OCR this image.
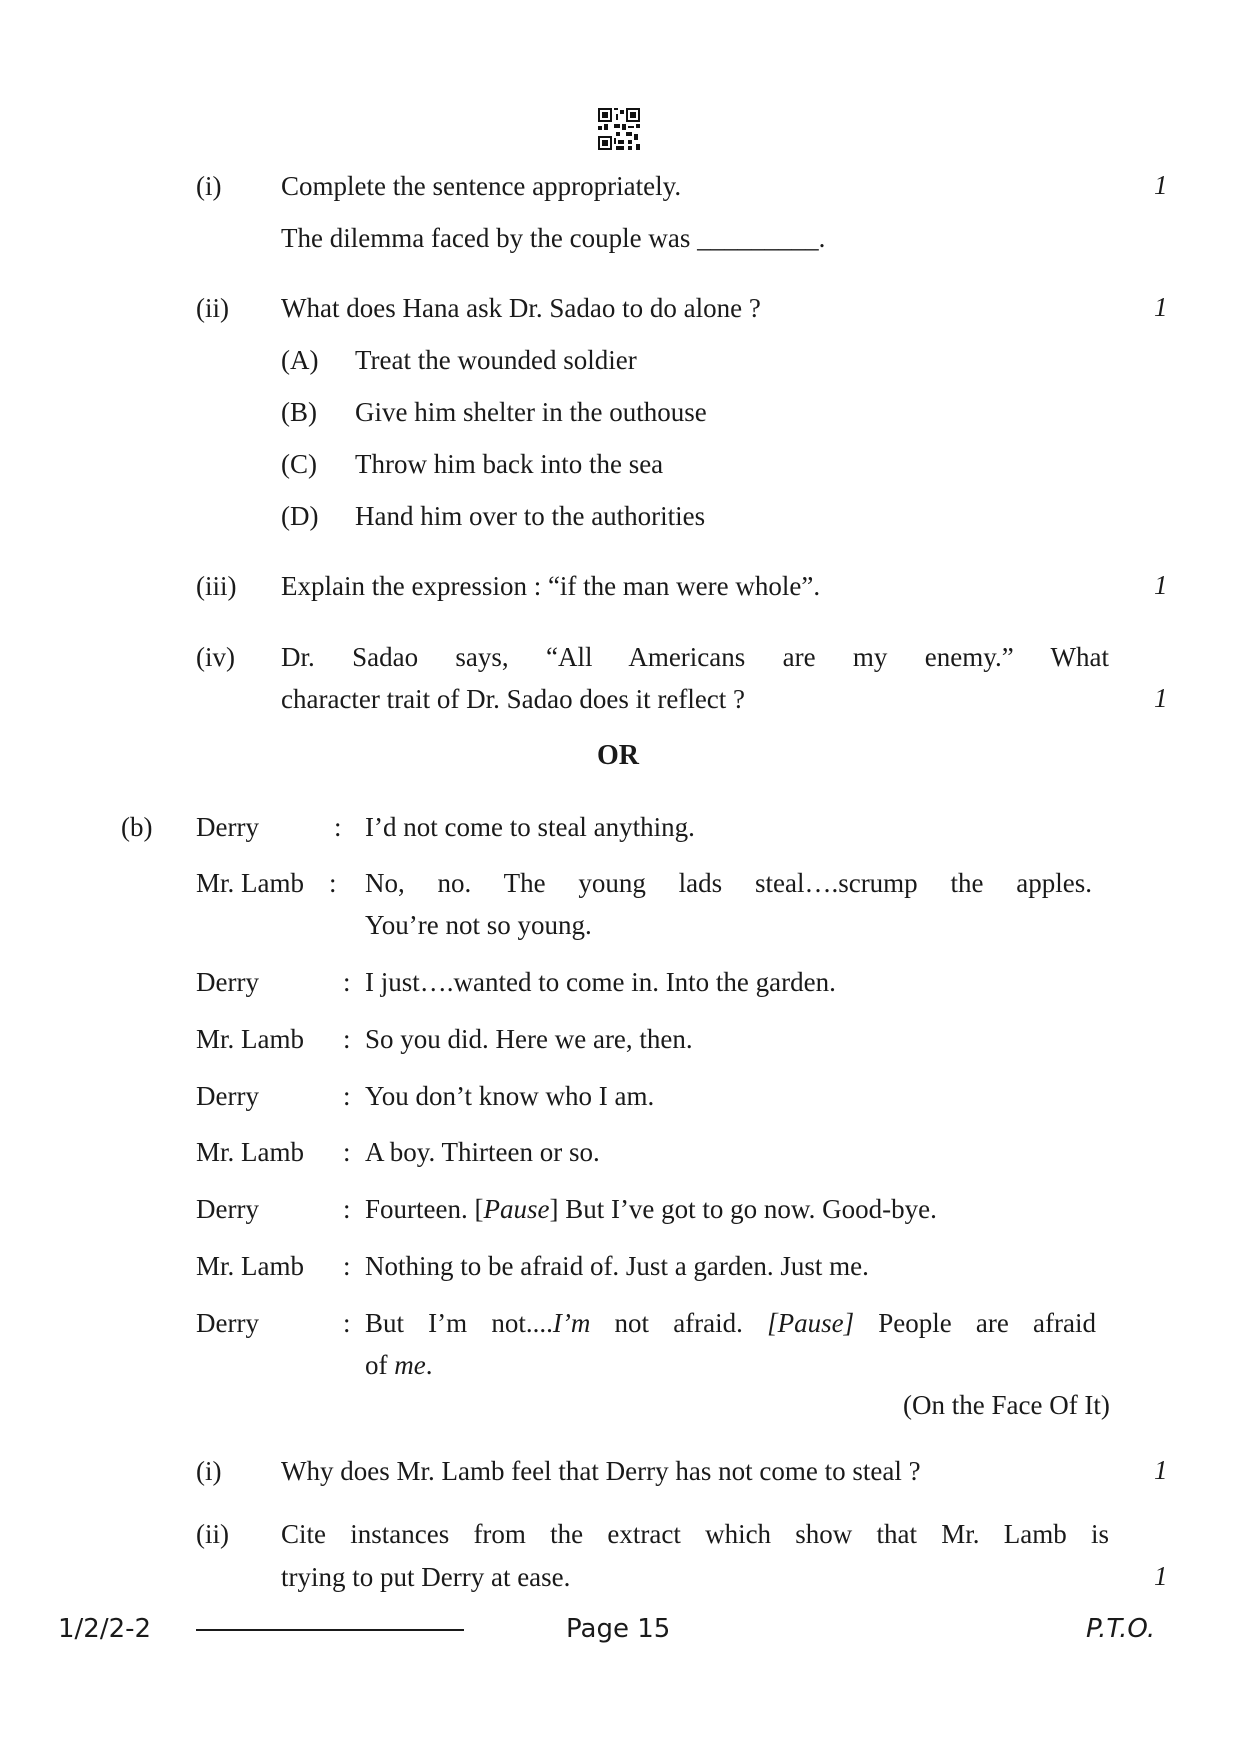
(i) Complete the sentence appropriately.	1
The dilemma faced by the couple was _________.
(ii) What does Hana ask Dr. Sadao to do alone ?	1
(A) Treat the wounded soldier
(B) Give him shelter in the outhouse
(C) Throw him back into the sea
(D) Hand him over to the authorities
(iii) Explain the expression : “if the man were whole”.	1
(iv) Dr. Sadao says, “All Americans are my enemy.” What
character trait of Dr. Sadao does it reflect ?	1
OR
(b) Derry	: I’d not come to steal anything.
Mr. Lamb : No, no. The young lads steal….scrump the apples.
You’re not so young.
Derry	: I just….wanted to come in. Into the garden.
Mr. Lamb : So you did. Here we are, then.
Derry	: You don’t know who I am.
Mr. Lamb : A boy. Thirteen or so.
Derry	: Fourteen. [Pause] But I’ve got to go now. Good-bye.
Mr. Lamb : Nothing to be afraid of. Just a garden. Just me.
Derry	: But I’m not....I’m not afraid. [Pause] People are afraid
of me.
(On the Face Of It)
(i) Why does Mr. Lamb feel that Derry has not come to steal ?	1
(ii) Cite instances from the extract which show that Mr. Lamb is
trying to put Derry at ease.	1
1/2/2-2	Page 15	P.T.O.
